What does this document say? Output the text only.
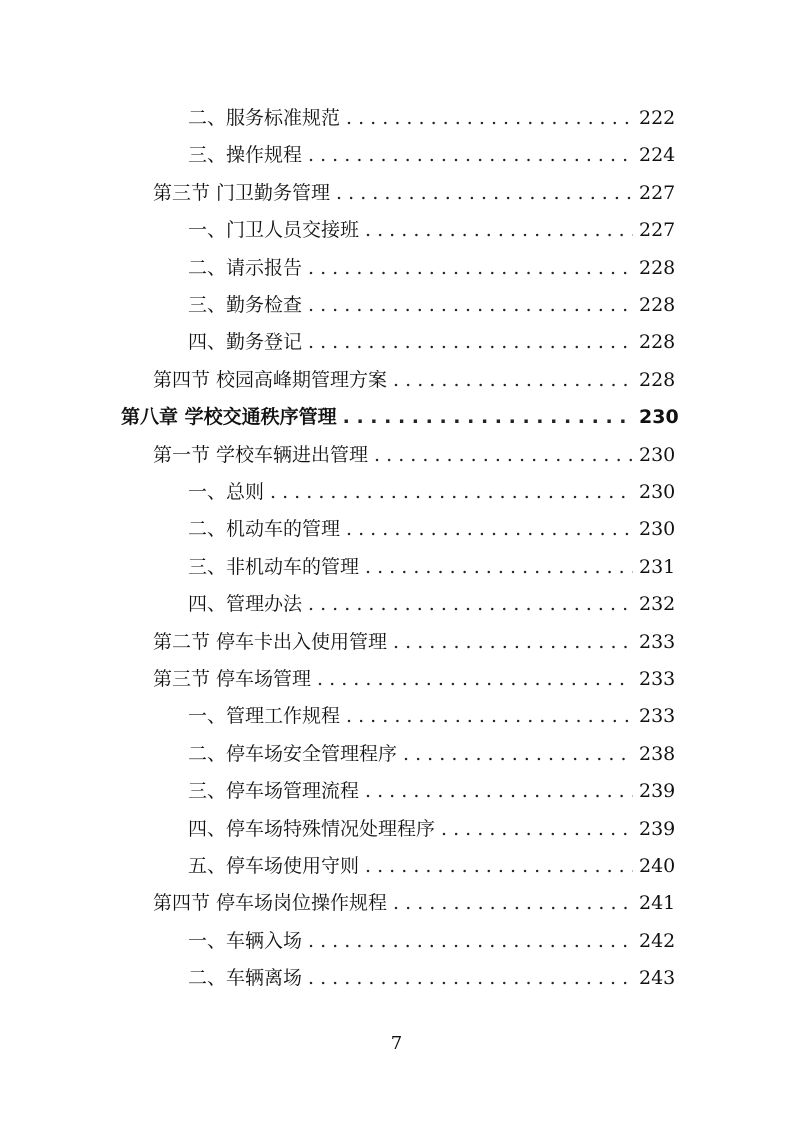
二、服务标准规范 . . .	222
三、操作规程 . . .	224
第三节 门卫勤务管理 . . .	227
一、门卫人员交接班 . . .	227
二、请示报告 . . .	228
三、勤务检查 . . .	228
四、勤务登记 . . .	228
第四节 校园高峰期管理方案 . . .	228
第八章 学校交通秩序管理 . . .	230
第一节 学校车辆进出管理 . . .	230
一、总则 . . .	230
二、机动车的管理 . . .	230
三、非机动车的管理 . . .	231
四、管理办法 . . .	232
第二节 停车卡出入使用管理 . . .	233
第三节 停车场管理 . . .	233
一、管理工作规程 . . .	233
二、停车场安全管理程序 . . .	238
三、停车场管理流程 . . .	239
四、停车场特殊情况处理程序 . . .	239
五、停车场使用守则 . . .	240
第四节 停车场岗位操作规程 . . .	241
一、车辆入场 . . .	242
二、车辆离场 . . .	243
7
